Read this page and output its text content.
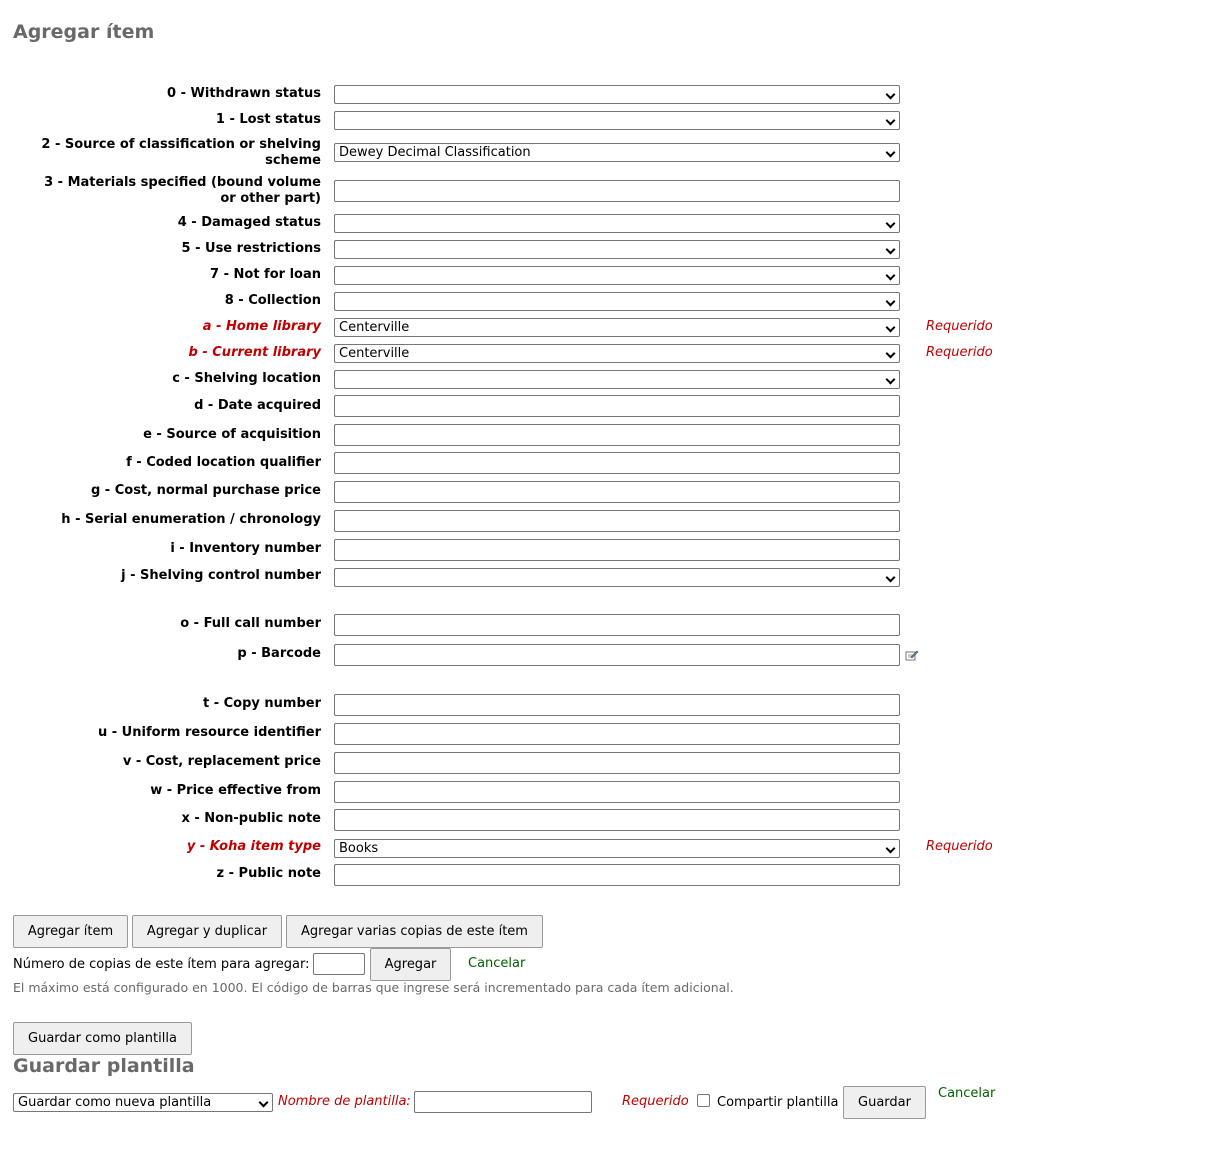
Agregar ítem
0 - Withdrawn status
1 - Lost status
2 - Source of classification or shelving
scheme
Dewey Decimal Classification
3 - Materials specified (bound volume
or other part)
4 - Damaged status
5 - Use restrictions
7 - Not for loan
8 - Collection
a - Home library	Centerville	Requerido
b - Current library	Centerville	Requerido
c - Shelving location
d - Date acquired
e - Source of acquisition
f - Coded location qualifier
g - Cost, normal purchase price
h - Serial enumeration / chronology
i - Inventory number
j - Shelving control number
o - Full call number
p - Barcode
t - Copy number
u - Uniform resource identifier
v - Cost, replacement price
w - Price effective from
x - Non-public note
y - Koha item type	Books	Requerido
z - Public note
Agregar ítem	Agregar y duplicar	Agregar varias copias de este ítem
Número de copias de este ítem para agregar:	Agregar	Cancelar
El máximo está configurado en 1000. El código de barras que ingrese será incrementado para cada ítem adicional.
Guardar como plantilla
Guardar plantilla
Guardar como nueva plantilla	Nombre de plantilla:	Requerido Compartir plantilla	Guardar
Cancelar
